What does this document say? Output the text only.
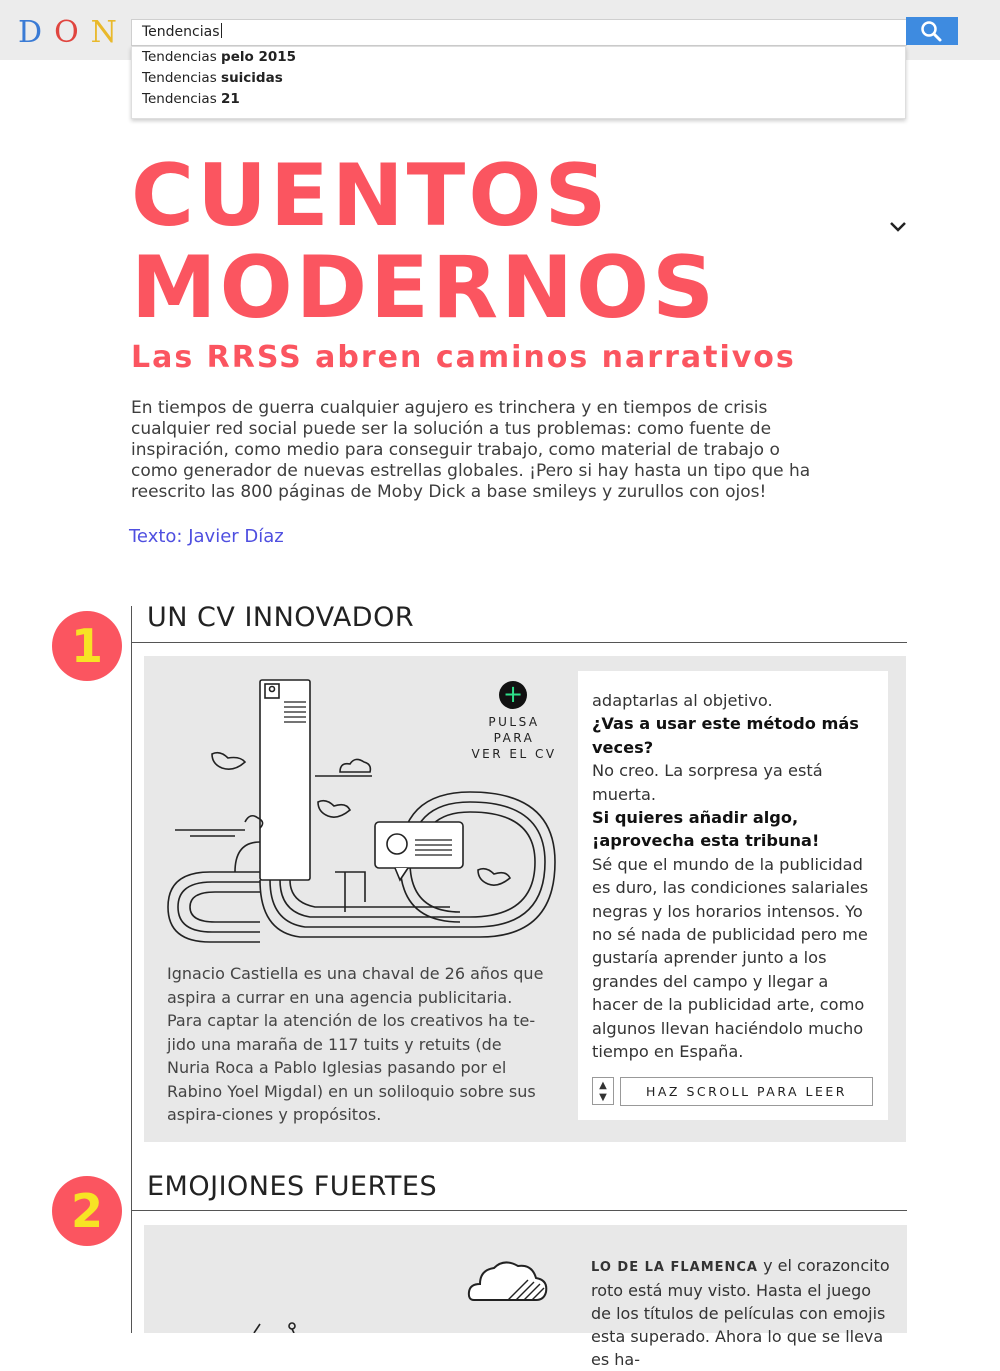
DON Tendencias
Tendencias pelo 2015
Tendencias suicidas
Tendencias 21
CUENTOS
MODERNOS
Las RRSS abren caminos narrativos

En tiempos de guerra cualquier agujero es trinchera y en tiempos de crisis cualquier red social puede ser la solución a tus problemas: como fuente de inspiración, como medio para conseguir trabajo, como material de trabajo o como generador de nuevas estrellas globales. ¡Pero si hay hasta un tipo que ha reescrito las 800 páginas de Moby Dick a base smileys y zurullos con ojos!

Texto: Javier Díaz
1
UN CV INNOVADOR
+
PULSA PARA
VER EL CV

Ignacio Castiella es una chaval de 26 años que aspira a currar en una agencia publicitaria. Para captar la atención de los creativos ha te-jido una maraña de 117 tuits y retuits (de Nuria Roca a Pablo Iglesias pasando por el Rabino Yoel Migdal) en un soliloquio sobre sus aspira-ciones y propósitos.

adaptarlas al objetivo.
¿Vas a usar este método más veces?
No creo. La sorpresa ya está muerta.
Si quieres añadir algo, ¡aprovecha esta tribuna!
Sé que el mundo de la publicidad es duro, las condiciones salariales negras y los horarios intensos. Yo no sé nada de publicidad pero me gustaría aprender junto a los grandes del campo y llegar a hacer de la publicidad arte, como algunos llevan haciéndolo mucho tiempo en España.
▲
▼	HAZ SCROLL PARA LEER
2	EMOJIONES FUERTES

LO DE LA FLAMENCA y el corazoncito roto está muy visto. Hasta el juego de los títulos de películas con emojis esta superado. Ahora lo que se lleva es ha-
